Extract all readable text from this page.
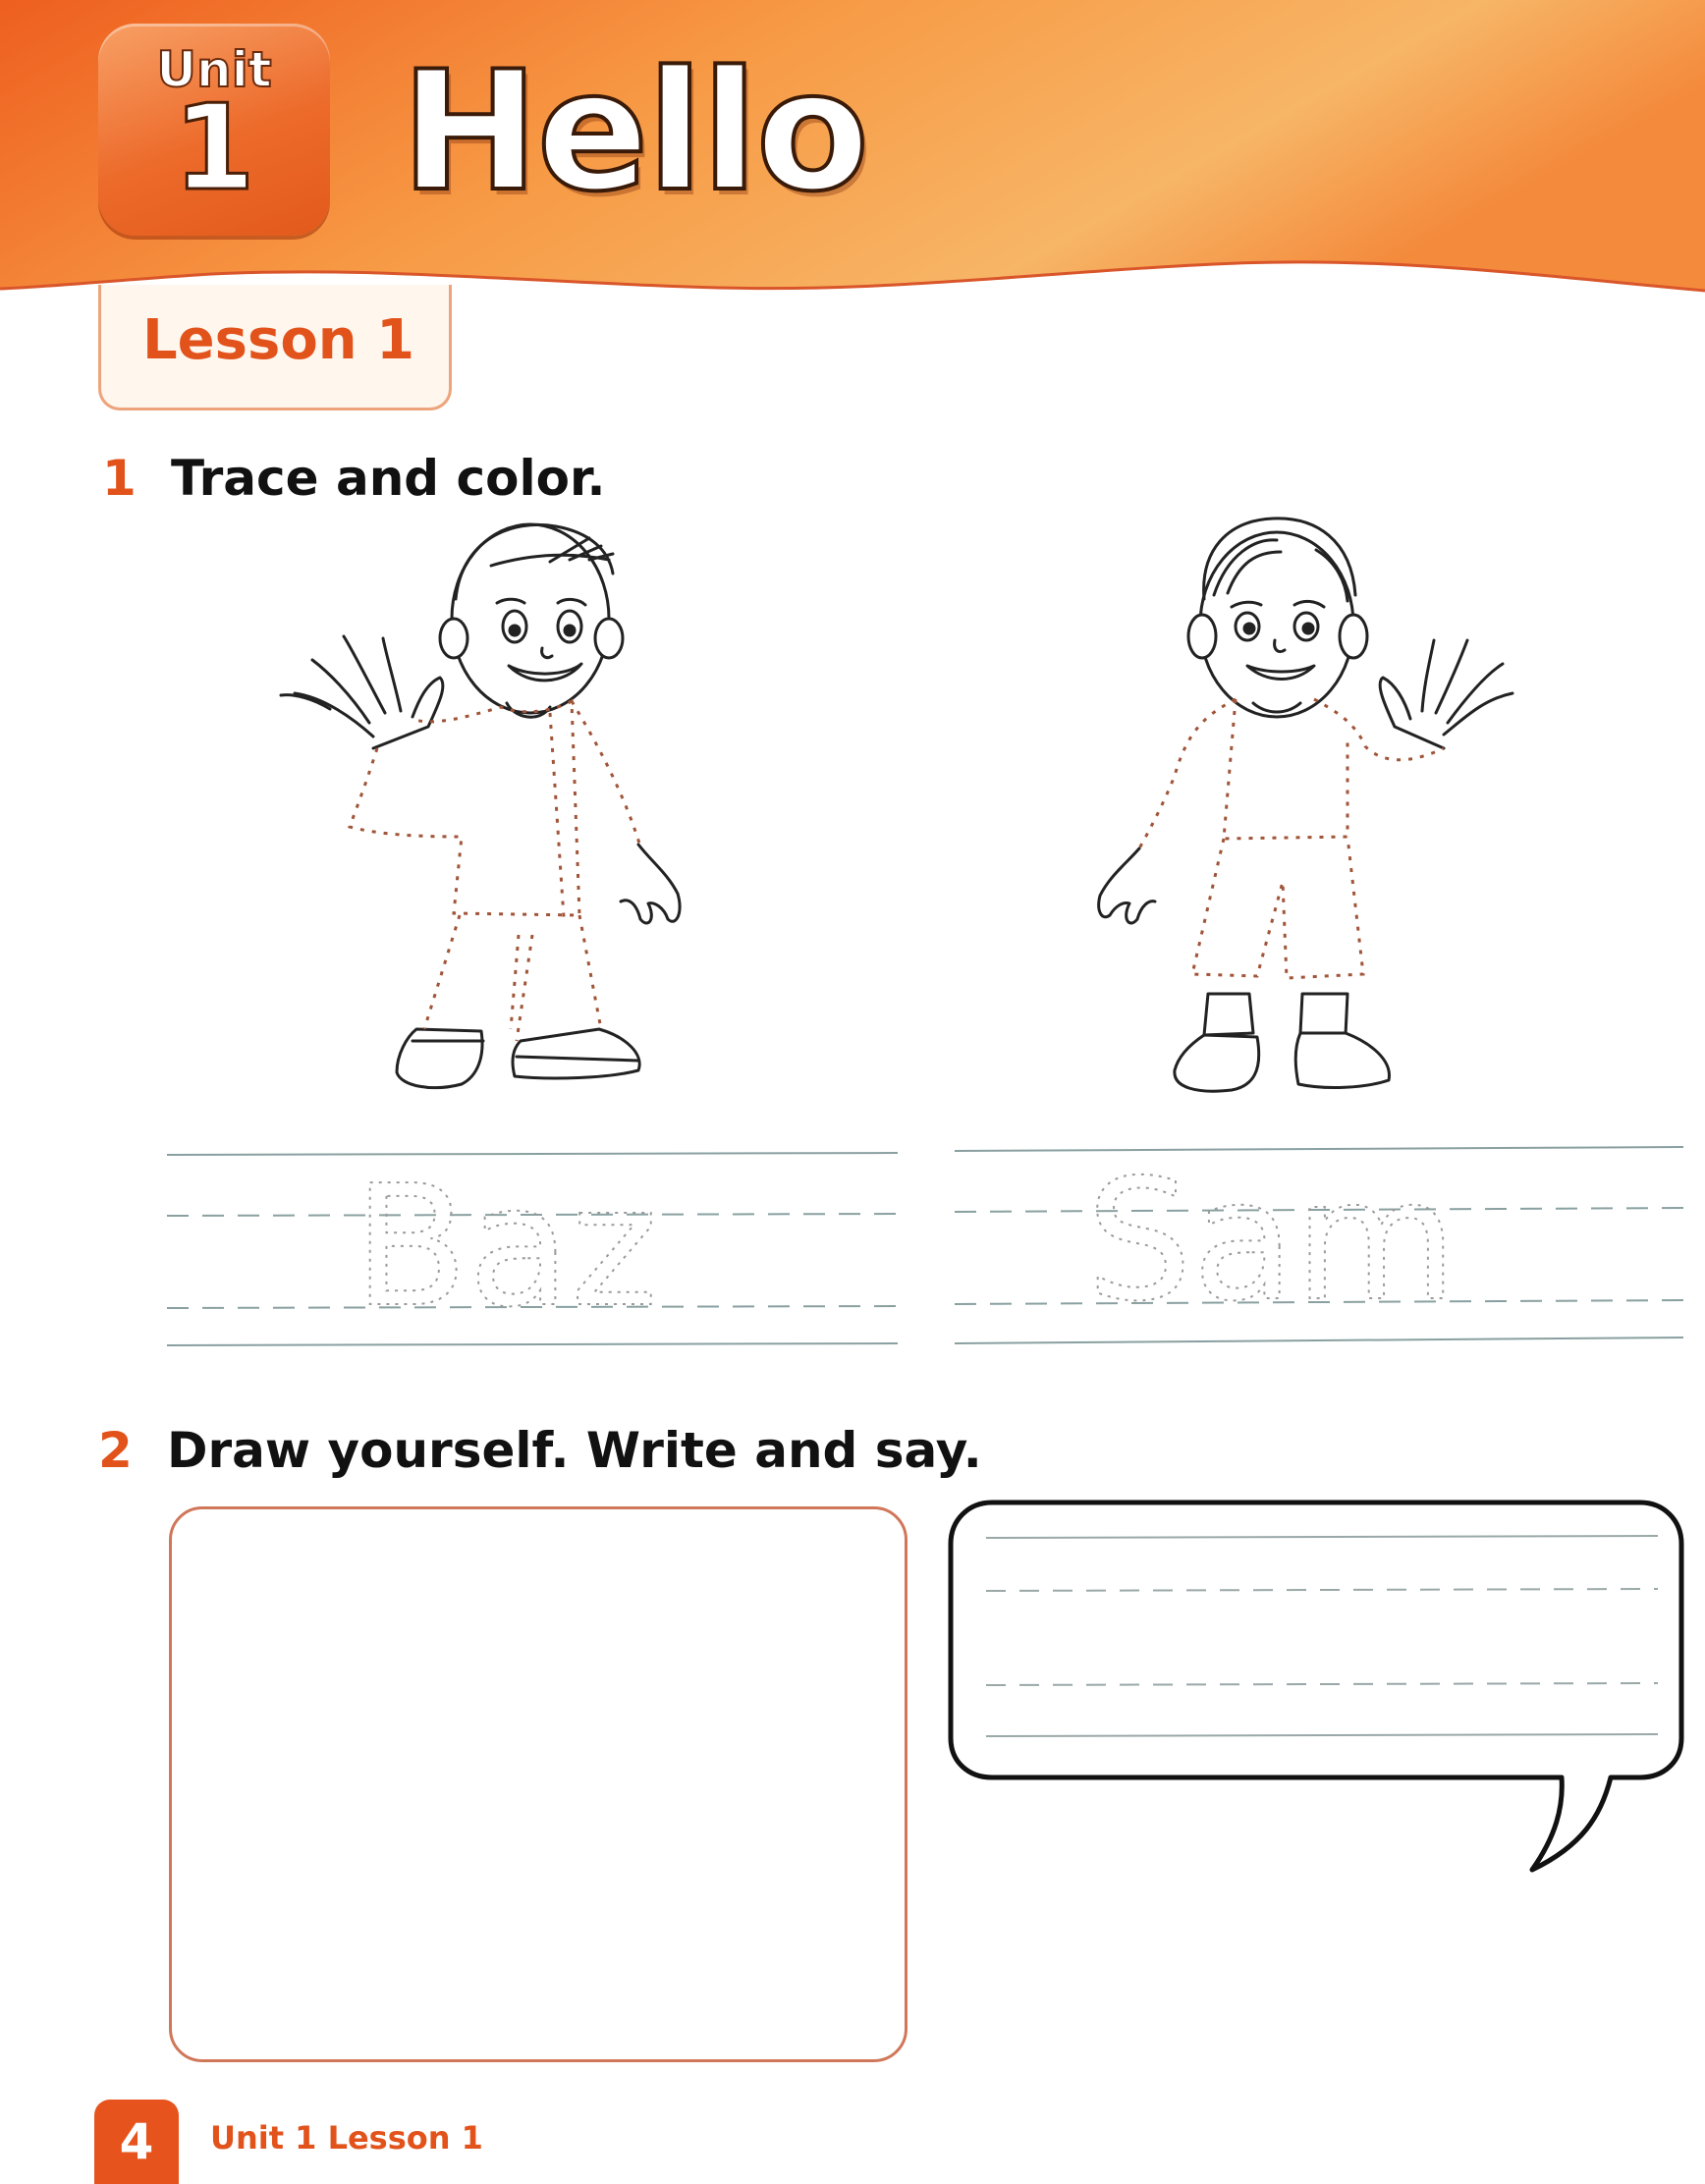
Unit
1 Hello
Lesson 1
1 Trace and color.
Baz	Sam
2 Draw yourself. Write and say.
4	Unit 1 Lesson 1
